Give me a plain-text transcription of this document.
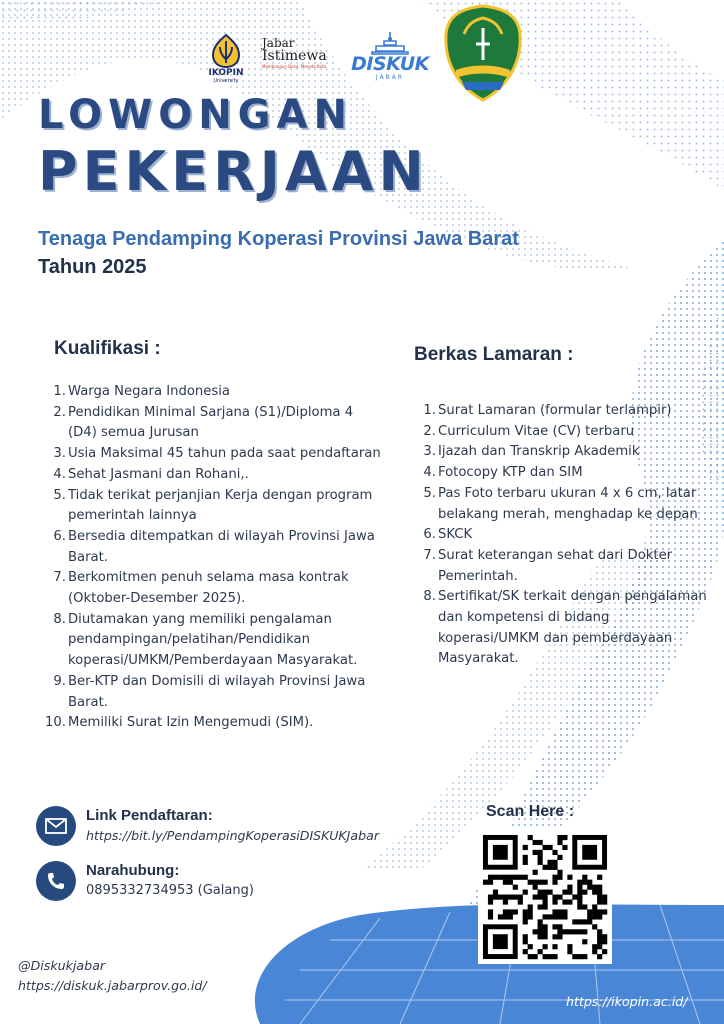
IKOPIN
University
Jabar
Istimewa
Membangun Desa, Menata Kota	DISKUK
JABAR
LOWONGAN
PEKERJAAN
Tenaga Pendamping Koperasi Provinsi Jawa Barat
Tahun 2025
Kualifikasi :
1. Warga Negara Indonesia
2. Pendidikan Minimal Sarjana (S1)/Diploma 4 (D4) semua Jurusan
3. Usia Maksimal 45 tahun pada saat pendaftaran
4. Sehat Jasmani dan Rohani,.
5. Tidak terikat perjanjian Kerja dengan program pemerintah lainnya
6. Bersedia ditempatkan di wilayah Provinsi Jawa Barat.
7. Berkomitmen penuh selama masa kontrak (Oktober-Desember 2025).
8. Diutamakan yang memiliki pengalaman pendampingan/pelatihan/Pendidikan koperasi/UMKM/Pemberdayaan Masyarakat.
9. Ber-KTP dan Domisili di wilayah Provinsi Jawa Barat.
10. Memiliki Surat Izin Mengemudi (SIM).
Berkas Lamaran :
1. Surat Lamaran (formular terlampir)
2. Curriculum Vitae (CV) terbaru
3. Ijazah dan Transkrip Akademik
4. Fotocopy KTP dan SIM
5. Pas Foto terbaru ukuran 4 x 6 cm, latar belakang merah, menghadap ke depan
6. SKCK
7. Surat keterangan sehat dari Dokter Pemerintah.
8. Sertifikat/SK terkait dengan pengalaman dan kompetensi di bidang koperasi/UMKM dan pemberdayaan Masyarakat.
Link Pendaftaran:
https://bit.ly/PendampingKoperasiDISKUKJabar
Narahubung:
0895332734953 (Galang)
Scan Here :
@Diskukjabar
https://diskuk.jabarprov.go.id/
https://ikopin.ac.id/
